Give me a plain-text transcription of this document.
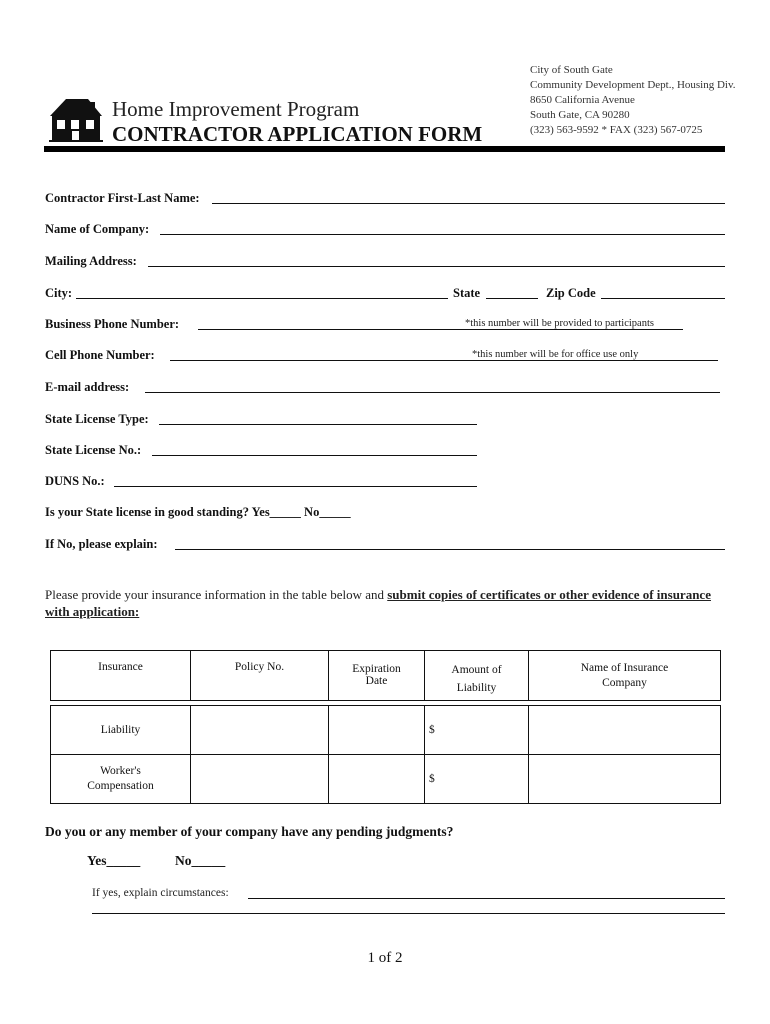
Home Improvement Program
CONTRACTOR APPLICATION FORM
City of South Gate
Community Development Dept., Housing Div.
8650 California Avenue
South Gate, CA 90280
(323) 563-9592 * FAX (323) 567-0725
Contractor First-Last Name:
Name of Company:
Mailing Address:
City:	State	Zip Code
Business Phone Number:	*this number will be provided to participants
Cell Phone Number:	*this number will be for office use only
E-mail address:
State License Type:
State License No.:
DUNS No.:
Is your State license in good standing? Yes_____ No_____
If No, please explain:
Please provide your insurance information in the table below and submit copies of certificates or other evidence of insurance with application:
Insurance	Policy No.	Expiration Date	Amount of Liability	Name of Insurance Company

Liability			$	

Worker's Compensation			$	
Do you or any member of your company have any pending judgments?
Yes_____	No_____
If yes, explain circumstances:
1 of 2
